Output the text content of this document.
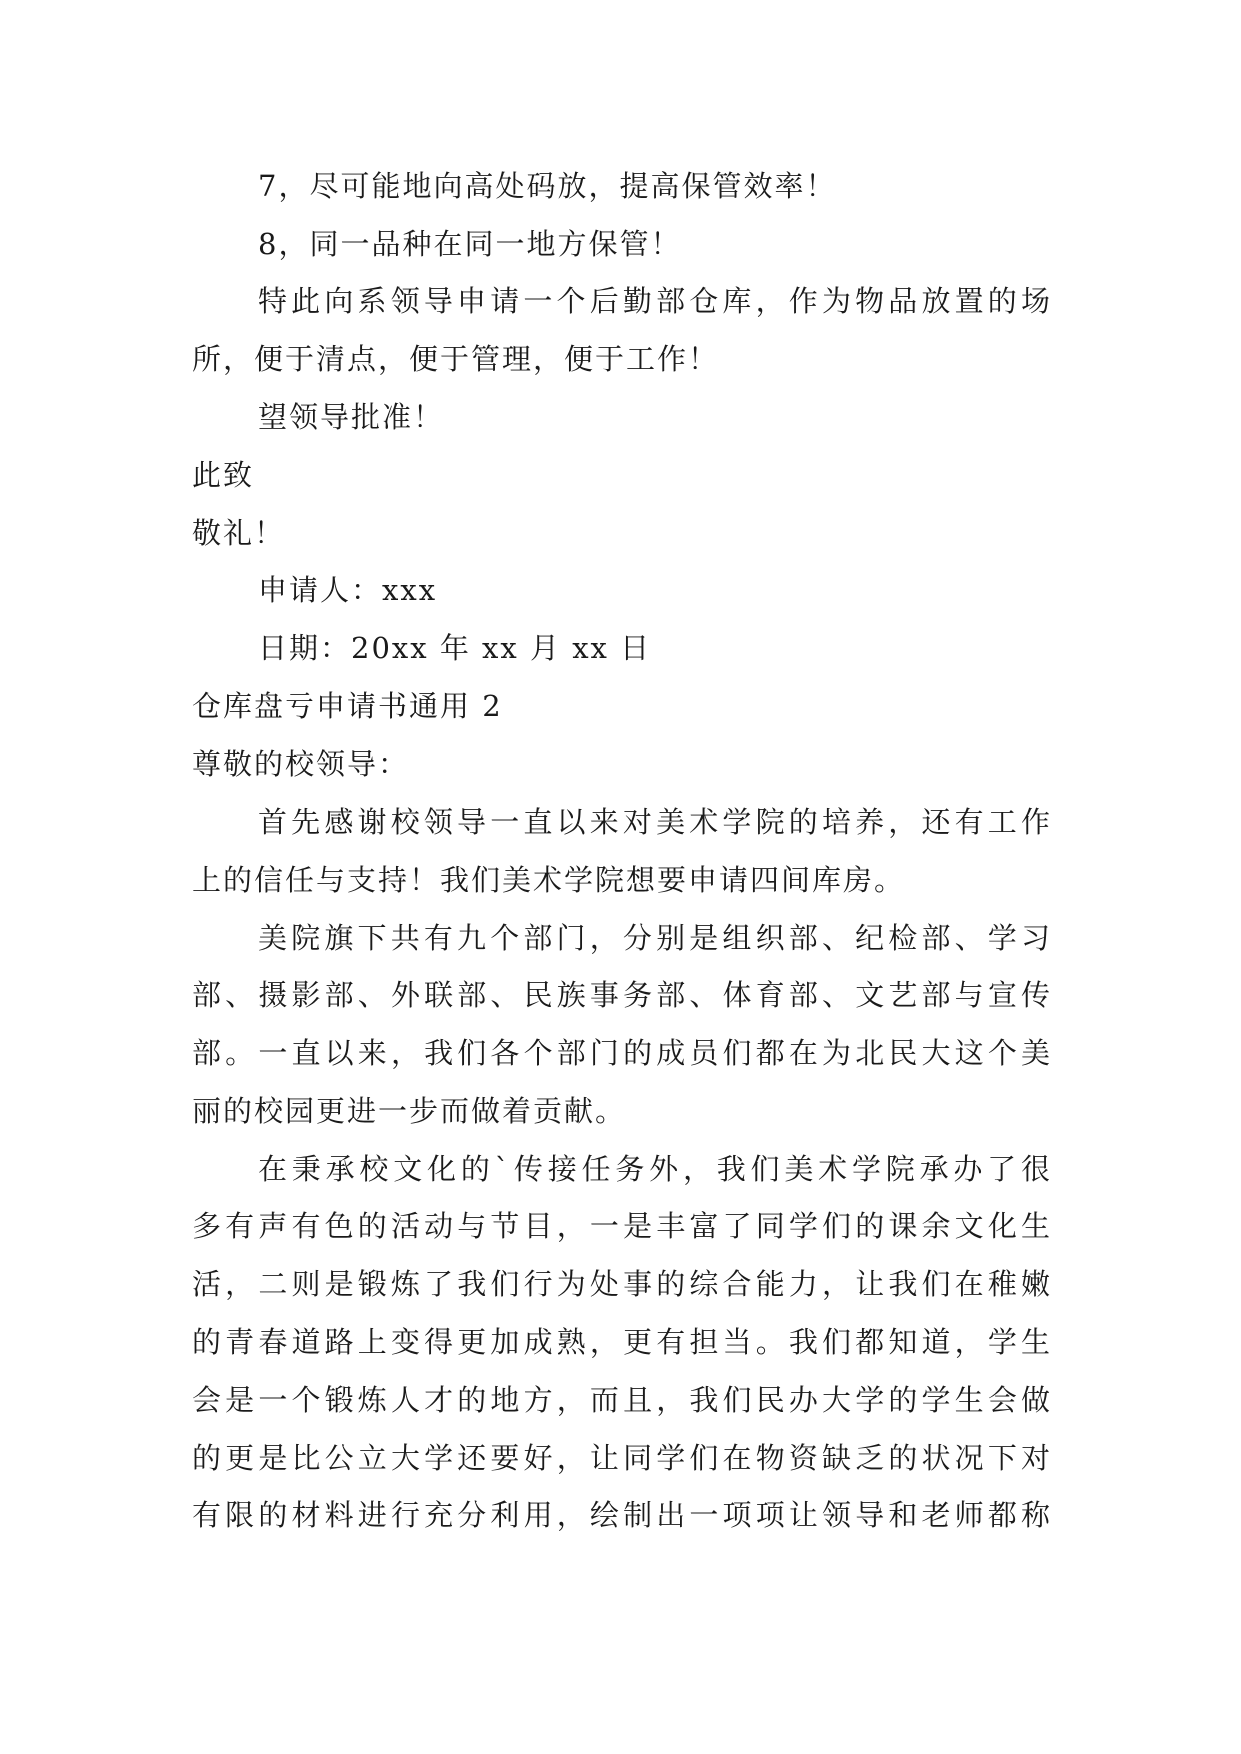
7，尽可能地向高处码放，提高保管效率！
8，同一品种在同一地方保管！
特此向系领导申请一个后勤部仓库，作为物品放置的场
所，便于清点，便于管理，便于工作！
望领导批准！
此致
敬礼！
申请人：xxx
日期：20xx 年 xx 月 xx 日
仓库盘亏申请书通用 2
尊敬的校领导：
首先感谢校领导一直以来对美术学院的培养，还有工作
上的信任与支持！我们美术学院想要申请四间库房。
美院旗下共有九个部门，分别是组织部、纪检部、学习
部、摄影部、外联部、民族事务部、体育部、文艺部与宣传
部。一直以来，我们各个部门的成员们都在为北民大这个美
丽的校园更进一步而做着贡献。
在秉承校文化的`传接任务外，我们美术学院承办了很
多有声有色的活动与节目，一是丰富了同学们的课余文化生
活，二则是锻炼了我们行为处事的综合能力，让我们在稚嫩
的青春道路上变得更加成熟，更有担当。我们都知道，学生
会是一个锻炼人才的地方，而且，我们民办大学的学生会做
的更是比公立大学还要好，让同学们在物资缺乏的状况下对
有限的材料进行充分利用，绘制出一项项让领导和老师都称
